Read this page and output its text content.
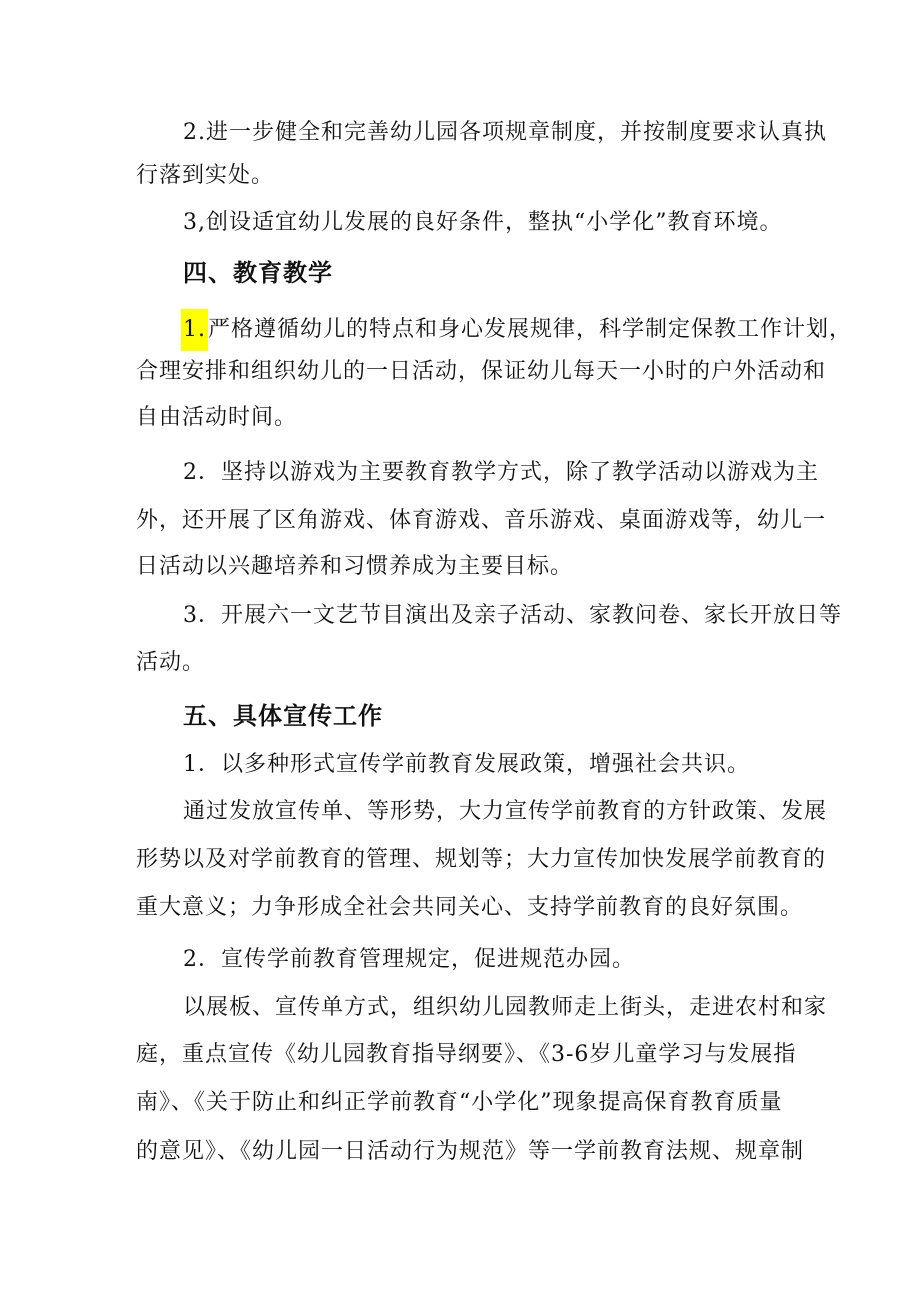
2.进一步健全和完善幼儿园各项规章制度，并按制度要求认真执
行落到实处。
3,创设适宜幼儿发展的良好条件，整执“小学化”教育环境。
四、教育教学
1.严格遵循幼儿的特点和身心发展规律，科学制定保教工作计划，
合理安排和组织幼儿的一日活动，保证幼儿每天一小时的户外活动和
自由活动时间。
2．坚持以游戏为主要教育教学方式，除了教学活动以游戏为主
外，还开展了区角游戏、体育游戏、音乐游戏、桌面游戏等，幼儿一
日活动以兴趣培养和习惯养成为主要目标。
3．开展六一文艺节目演出及亲子活动、家教问卷、家长开放日等
活动。
五、具体宣传工作
1．以多种形式宣传学前教育发展政策，增强社会共识。
通过发放宣传单、等形势，大力宣传学前教育的方针政策、发展
形势以及对学前教育的管理、规划等；大力宣传加快发展学前教育的
重大意义；力争形成全社会共同关心、支持学前教育的良好氛围。
2．宣传学前教育管理规定，促进规范办园。
以展板、宣传单方式，组织幼儿园教师走上街头，走进农村和家
庭，重点宣传《幼儿园教育指导纲要》、《3-6岁儿童学习与发展指
南》、《关于防止和纠正学前教育“小学化”现象提高保育教育质量
的意见》、《幼儿园一日活动行为规范》等一学前教育法规、规章制
